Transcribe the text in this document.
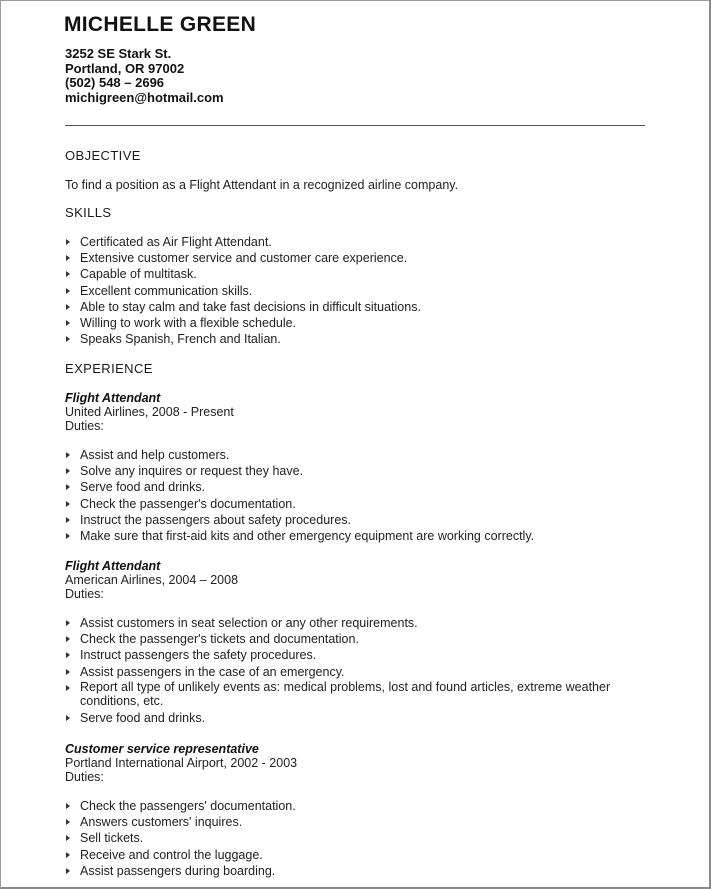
MICHELLE GREEN
3252 SE Stark St.
Portland, OR 97002
(502) 548 – 2696
michigreen@hotmail.com
OBJECTIVE
To find a position as a Flight Attendant in a recognized airline company.
SKILLS
Certificated as Air Flight Attendant.
Extensive customer service and customer care experience.
Capable of multitask.
Excellent communication skills.
Able to stay calm and take fast decisions in difficult situations.
Willing to work with a flexible schedule.
Speaks Spanish, French and Italian.
EXPERIENCE
Flight Attendant
United Airlines, 2008 - Present
Duties:
Assist and help customers.
Solve any inquires or request they have.
Serve food and drinks.
Check the passenger's documentation.
Instruct the passengers about safety procedures.
Make sure that first-aid kits and other emergency equipment are working correctly.
Flight Attendant
American Airlines, 2004 – 2008
Duties:
Assist customers in seat selection or any other requirements.
Check the passenger's tickets and documentation.
Instruct passengers the safety procedures.
Assist passengers in the case of an emergency.
Report all type of unlikely events as: medical problems, lost and found articles, extreme weather conditions, etc.
Serve food and drinks.
Customer service representative
Portland International Airport, 2002 - 2003
Duties:
Check the passengers' documentation.
Answers customers' inquires.
Sell tickets.
Receive and control the luggage.
Assist passengers during boarding.
